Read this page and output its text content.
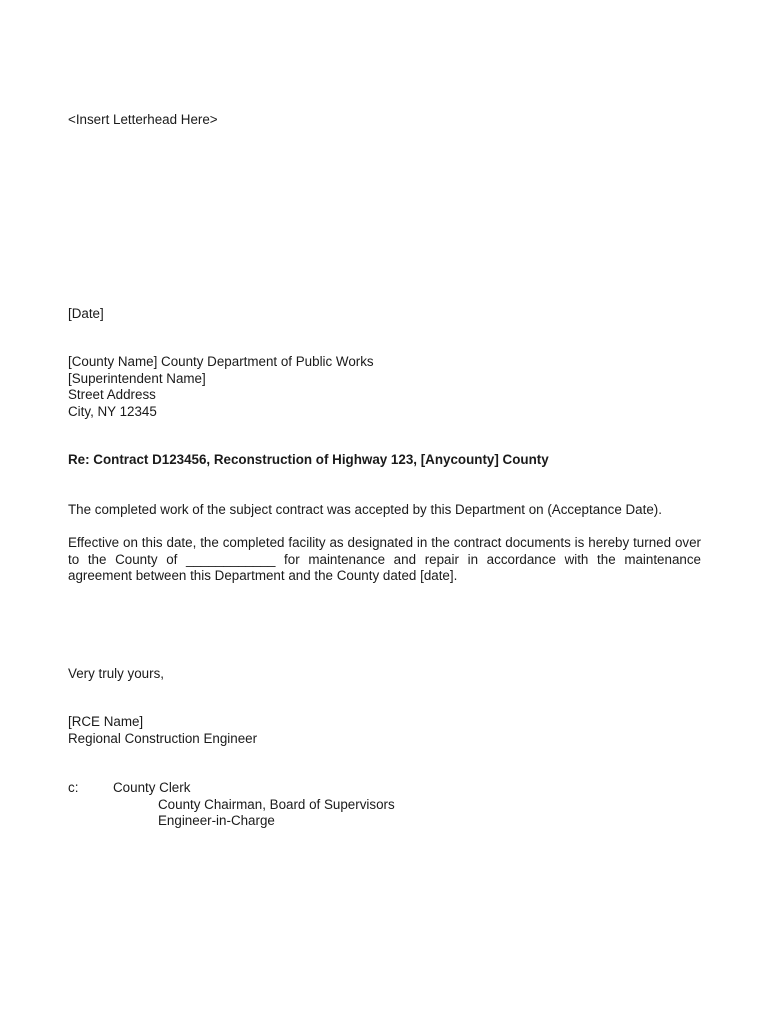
<Insert Letterhead Here>
[Date]
[County Name] County Department of Public Works
[Superintendent Name]
Street Address
City, NY 12345
Re: Contract D123456, Reconstruction of Highway 123, [Anycounty] County
The completed work of the subject contract was accepted by this Department on (Acceptance Date).
Effective on this date, the completed facility as designated in the contract documents is hereby turned over to the County of ____________ for maintenance and repair in accordance with the maintenance agreement between this Department and the County dated [date].
Very truly yours,
[RCE Name]
Regional Construction Engineer
c:	County Clerk
County Chairman, Board of Supervisors
Engineer-in-Charge
